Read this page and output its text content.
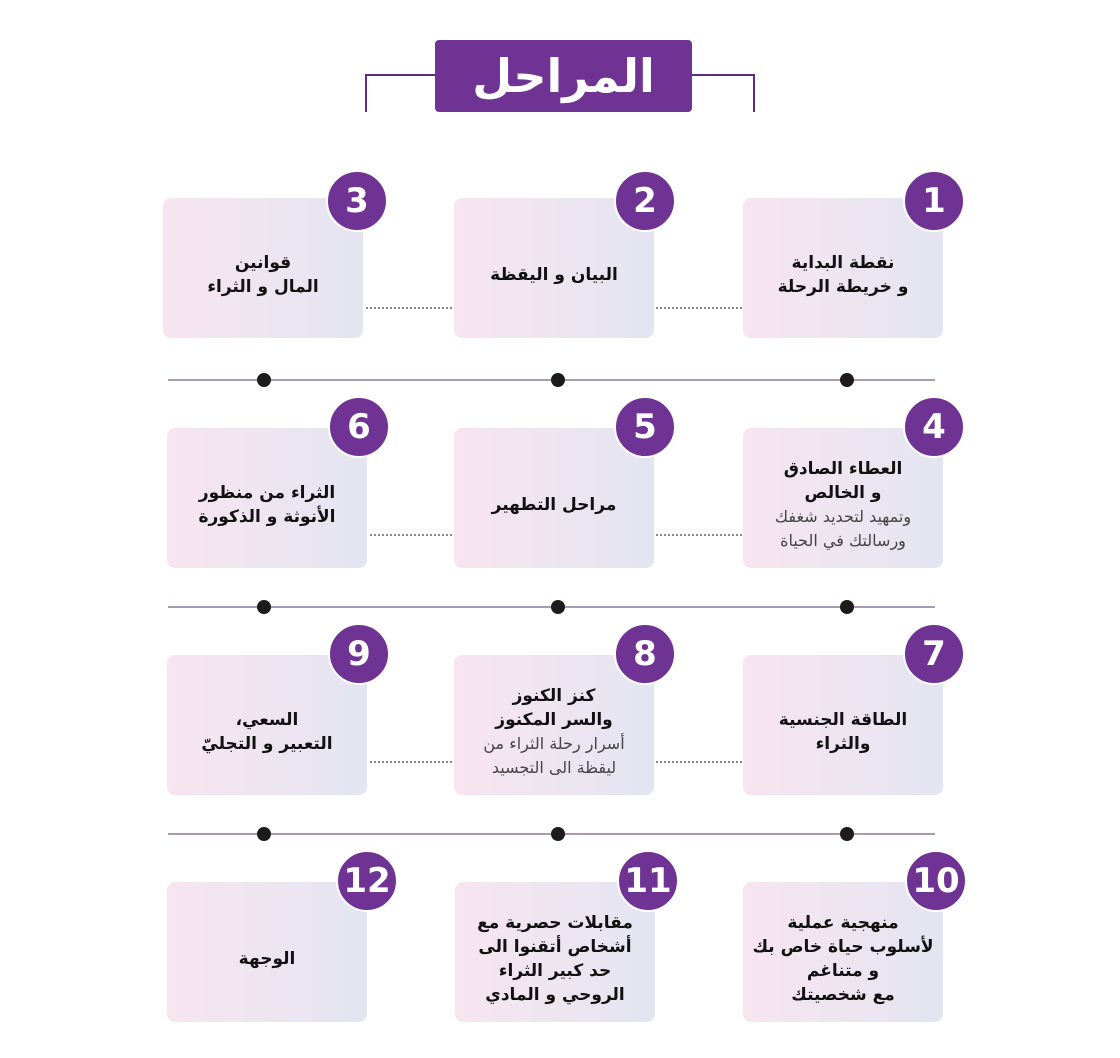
المراحل
نقطة البداية
و خريطة الرحلة
1
البيان و اليقظة
2
قوانين
المال و الثراء
3
العطاء الصادق
و الخالص
وتمهيد لتحديد شغفك
ورسالتك في الحياة
4
مراحل التطهير
5
الثراء من منظور
الأنوثة و الذكورة
6
الطاقة الجنسية
والثراء
7
كنز الكنوز
والسر المكنوز
أسرار رحلة الثراء من
ليقظة الى التجسيد
8
السعي،
التعبير و التجليّ
9
منهجية عملية
لأسلوب حياة خاص بك
و متناغم
مع شخصيتك
10
مقابلات حصرية مع
أشخاص أتقنوا الى
حد كبير الثراء
الروحي و المادي
11
الوجهة
12
